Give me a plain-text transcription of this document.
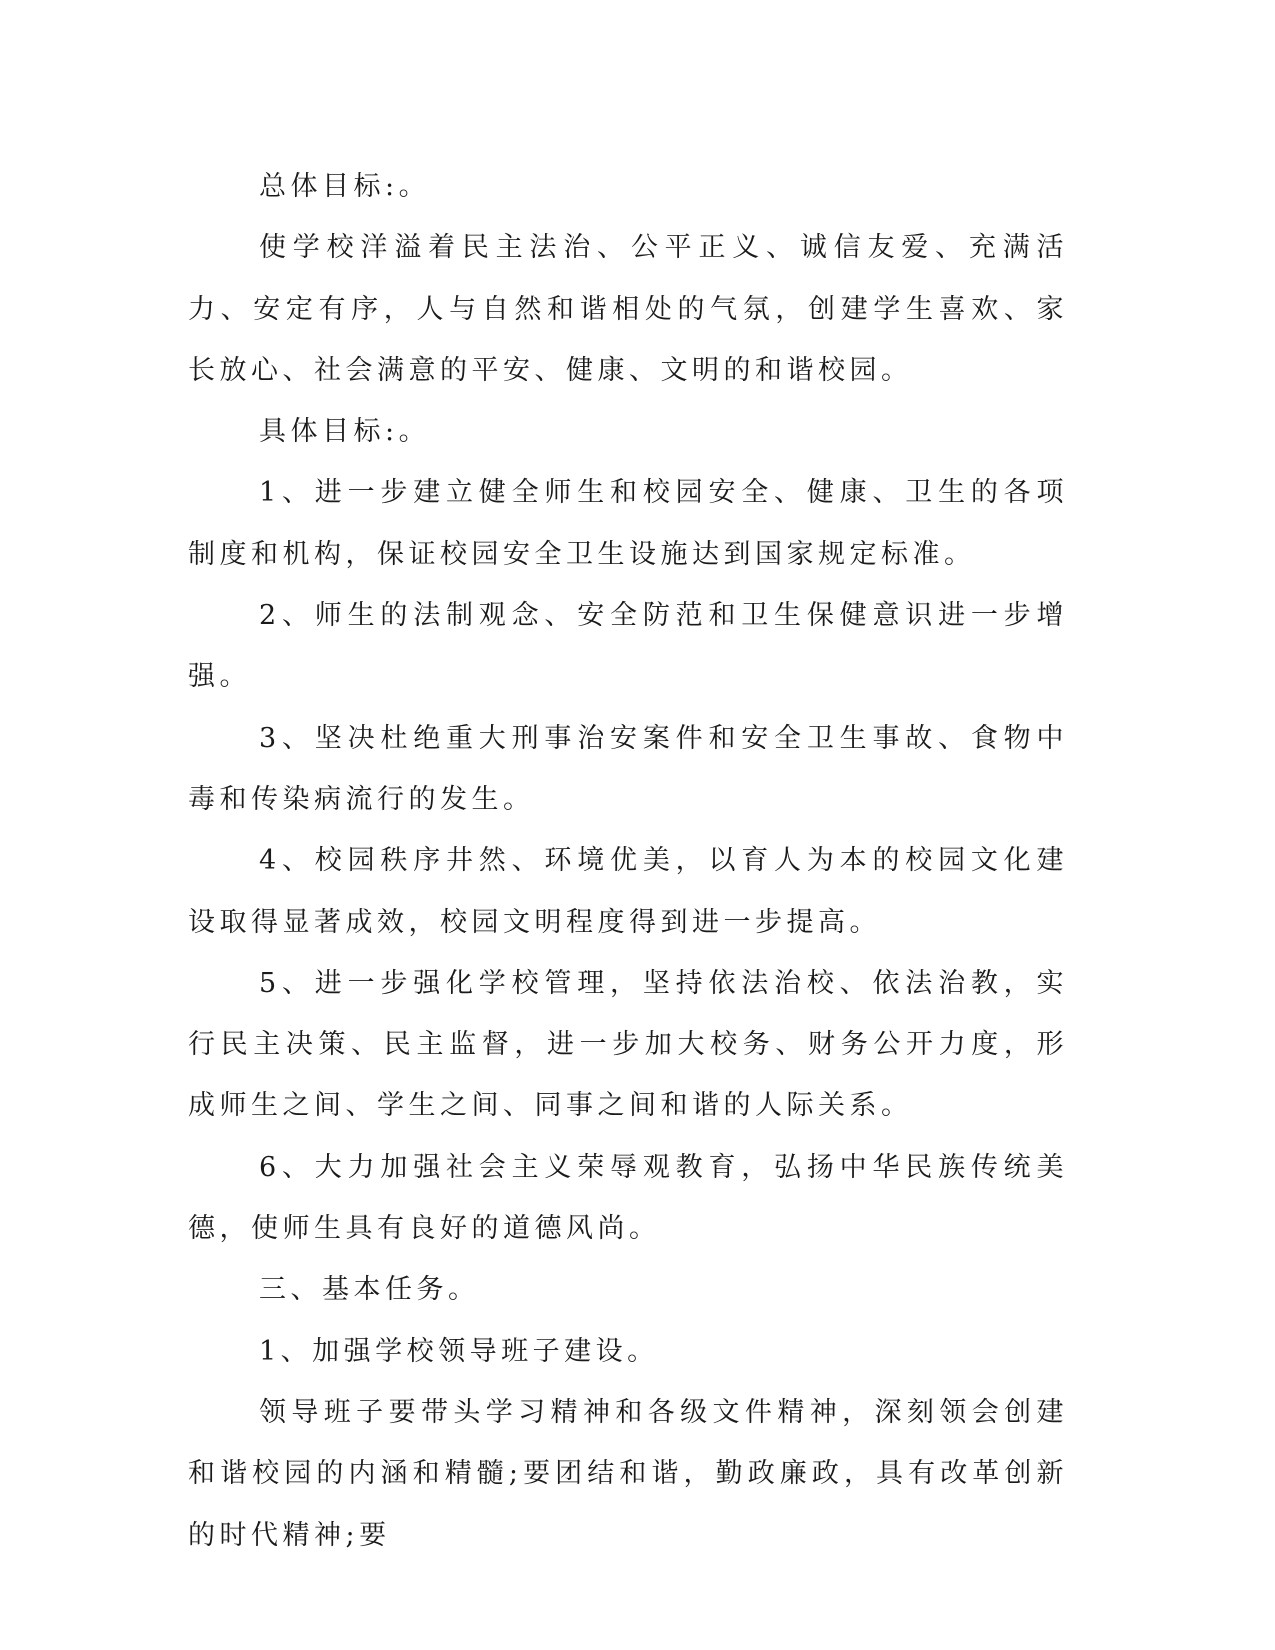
总体目标:。

使学校洋溢着民主法治、公平正义、诚信友爱、充满活力、安定有序，人与自然和谐相处的气氛，创建学生喜欢、家长放心、社会满意的平安、健康、文明的和谐校园。

具体目标:。

1、进一步建立健全师生和校园安全、健康、卫生的各项制度和机构，保证校园安全卫生设施达到国家规定标准。

2、师生的法制观念、安全防范和卫生保健意识进一步增强。

3、坚决杜绝重大刑事治安案件和安全卫生事故、食物中毒和传染病流行的发生。

4、校园秩序井然、环境优美，以育人为本的校园文化建设取得显著成效，校园文明程度得到进一步提高。

5、进一步强化学校管理，坚持依法治校、依法治教，实行民主决策、民主监督，进一步加大校务、财务公开力度，形成师生之间、学生之间、同事之间和谐的人际关系。

6、大力加强社会主义荣辱观教育，弘扬中华民族传统美德，使师生具有良好的道德风尚。

三、基本任务。

1、加强学校领导班子建设。

领导班子要带头学习精神和各级文件精神，深刻领会创建和谐校园的内涵和精髓;要团结和谐，勤政廉政，具有改革创新的时代精神;要
